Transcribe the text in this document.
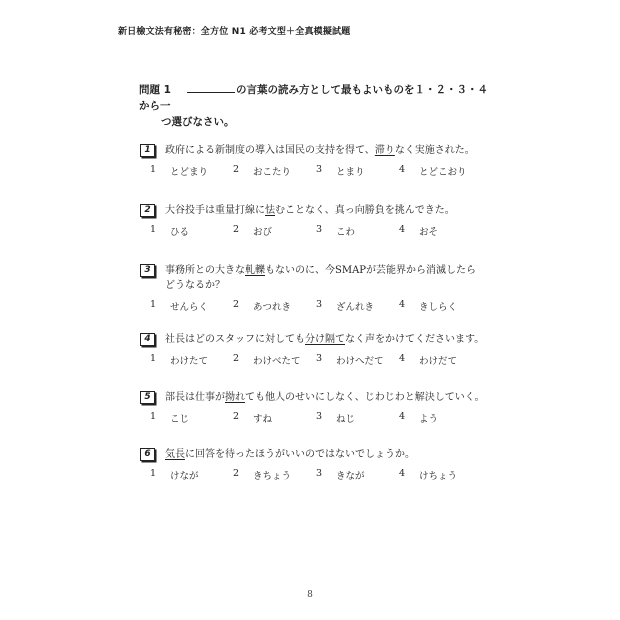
新日檢文法有秘密：全方位 N1 必考文型＋全真模擬試題
問題 1	の言葉の読み方として最もよいものを１・２・３・４から一
つ選びなさい。
1	政府による新制度の導入は国民の支持を得て、滞りなく実施された。
1	とどまり	2	おこたり	3	とまり	4	とどこおり
2	大谷投手は重量打線に怯むことなく、真っ向勝負を挑んできた。
1	ひる	2	おび	3	こわ	4	おそ
3	事務所との大きな軋轢もないのに、今SMAPが芸能界から消滅したらどうなるか？
1	せんらく	2	あつれき	3	ざんれき	4	きしらく
4	社長はどのスタッフに対しても分け隔てなく声をかけてくださいます。
1	わけたて	2	わけべたて 3	わけへだて 4	わけだて
5	部長は仕事が拗れても他人のせいにしなく、じわじわと解決していく。
1	こじ	2	すね	3	ねじ	4	よう
6	気長に回答を待ったほうがいいのではないでしょうか。
1	けなが	2	きちょう	3	きなが	4	けちょう
8
